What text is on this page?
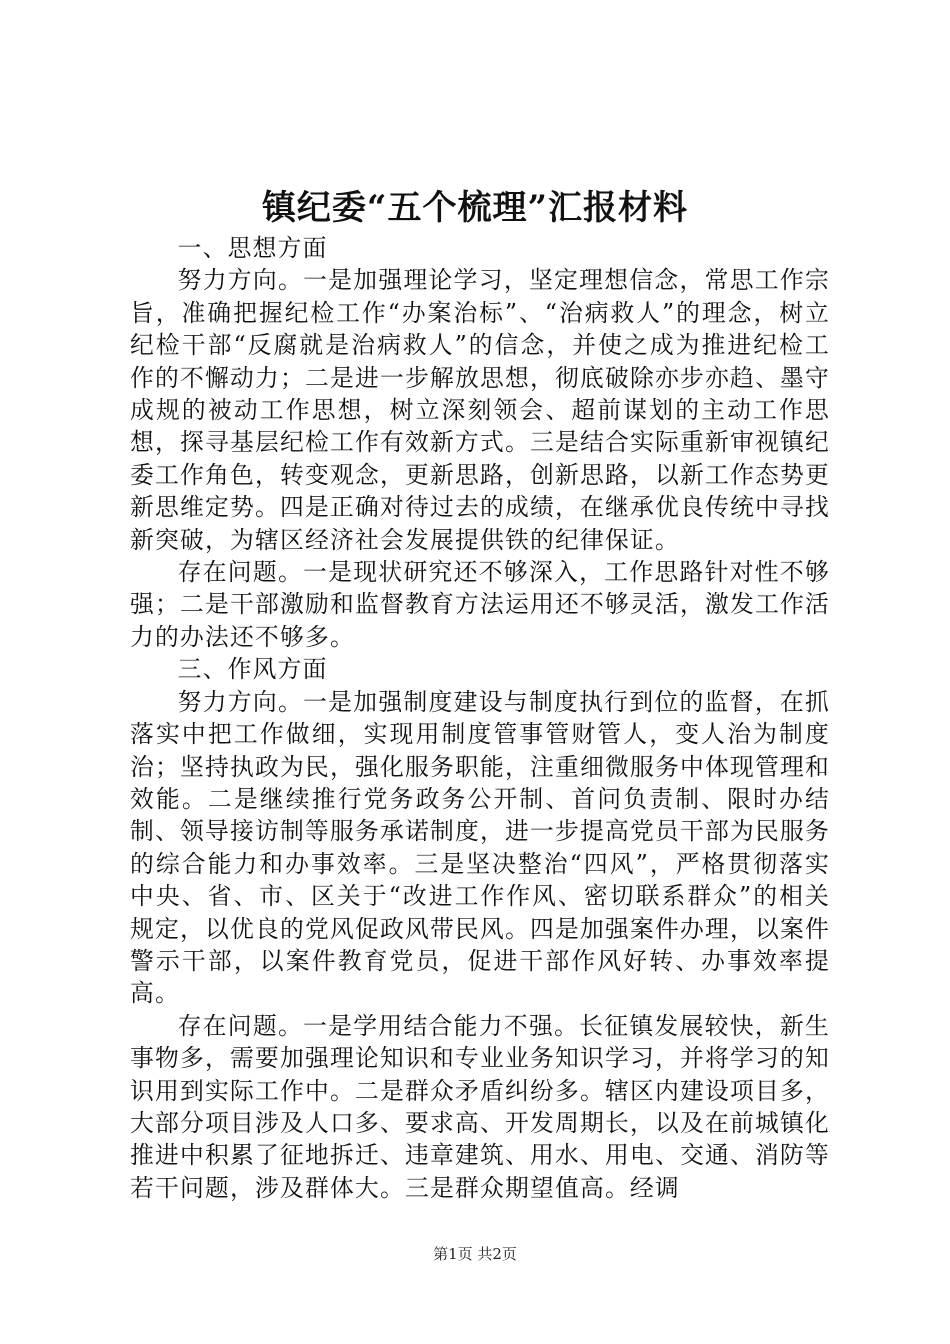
镇纪委“五个梳理”汇报材料

一、思想方面

努力方向。一是加强理论学习，坚定理想信念，常思工作宗旨，准确把握纪检工作“办案治标”、“治病救人”的理念，树立纪检干部“反腐就是治病救人”的信念，并使之成为推进纪检工作的不懈动力；二是进一步解放思想，彻底破除亦步亦趋、墨守成规的被动工作思想，树立深刻领会、超前谋划的主动工作思想，探寻基层纪检工作有效新方式。三是结合实际重新审视镇纪委工作角色，转变观念，更新思路，创新思路，以新工作态势更新思维定势。四是正确对待过去的成绩，在继承优良传统中寻找新突破，为辖区经济社会发展提供铁的纪律保证。

存在问题。一是现状研究还不够深入，工作思路针对性不够强；二是干部激励和监督教育方法运用还不够灵活，激发工作活力的办法还不够多。

三、作风方面

努力方向。一是加强制度建设与制度执行到位的监督，在抓落实中把工作做细，实现用制度管事管财管人，变人治为制度治；坚持执政为民，强化服务职能，注重细微服务中体现管理和效能。二是继续推行党务政务公开制、首问负责制、限时办结制、领导接访制等服务承诺制度，进一步提高党员干部为民服务的综合能力和办事效率。三是坚决整治“四风”，严格贯彻落实中央、省、市、区关于“改进工作作风、密切联系群众”的相关规定，以优良的党风促政风带民风。四是加强案件办理，以案件警示干部，以案件教育党员，促进干部作风好转、办事效率提高。

存在问题。一是学用结合能力不强。长征镇发展较快，新生事物多，需要加强理论知识和专业业务知识学习，并将学习的知识用到实际工作中。二是群众矛盾纠纷多。辖区内建设项目多，大部分项目涉及人口多、要求高、开发周期长，以及在前城镇化推进中积累了征地拆迁、违章建筑、用水、用电、交通、消防等若干问题，涉及群体大。三是群众期望值高。经调

第1页 共2页
